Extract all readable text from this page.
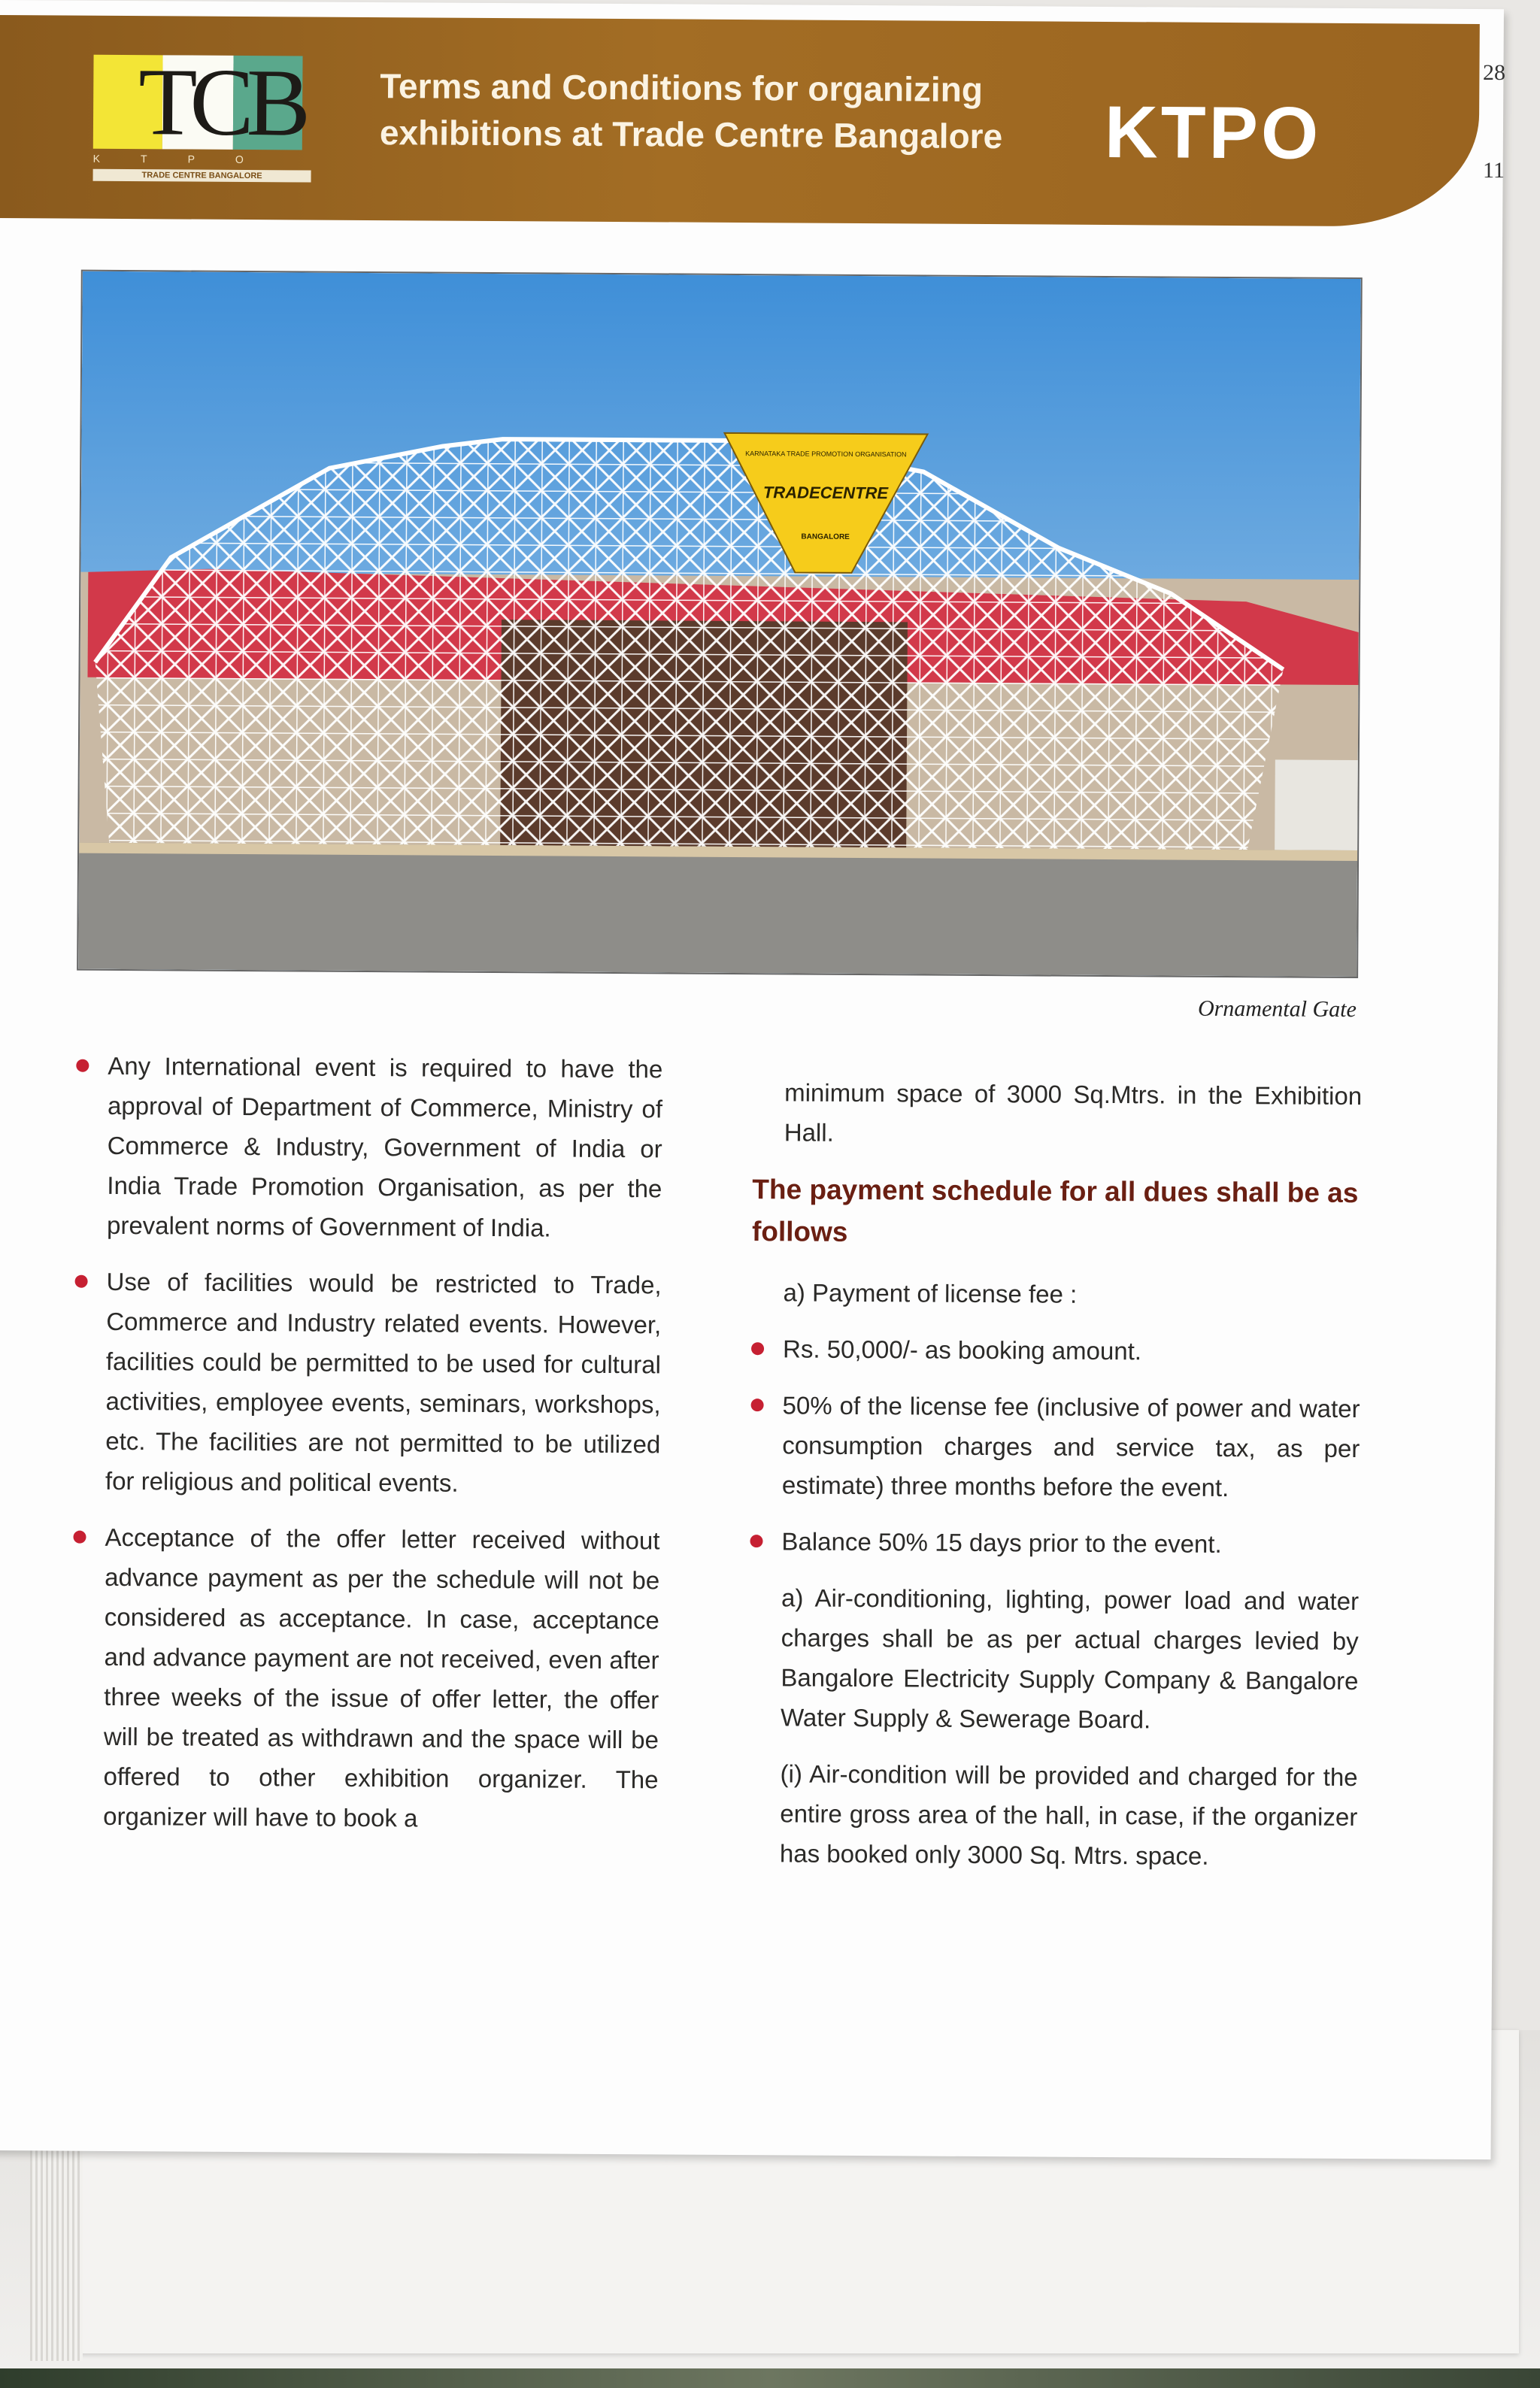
TCB
KTPO
TRADE CENTRE BANGALORE
Terms and Conditions for organizing exhibitions at Trade Centre Bangalore	KTPO
KARNATAKA TRADE PROMOTION ORGANISATION
TRADECENTRE
BANGALORE
Ornamental Gate
Any International event is required to have the approval of Department of Commerce, Ministry of Commerce & Industry, Government of India or India Trade Promotion Organisation, as per the prevalent norms of Government of India.
Use of facilities would be restricted to Trade, Commerce and Industry related events. However, facilities could be permitted to be used for cultural activities, employee events, seminars, workshops, etc. The facilities are not permitted to be utilized for religious and political events.
Acceptance of the offer letter received without advance payment as per the schedule will not be considered as acceptance. In case, acceptance and advance payment are not received, even after three weeks of the issue of offer letter, the offer will be treated as withdrawn and the space will be offered to other exhibition organizer. The organizer will have to book a
minimum space of 3000 Sq.Mtrs. in the Exhibition Hall.
The payment schedule for all dues shall be as follows
a) Payment of license fee :
Rs. 50,000/- as booking amount.
50% of the license fee (inclusive of power and water consumption charges and service tax, as per estimate) three months before the event.
Balance 50% 15 days prior to the event.
a) Air-conditioning, lighting, power load and water charges shall be as per actual charges levied by Bangalore Electricity Supply Company & Bangalore Water Supply & Sewerage Board.
(i) Air-condition will be provided and charged for the entire gross area of the hall, in case, if the organizer has booked only 3000 Sq. Mtrs. space.
28
11
